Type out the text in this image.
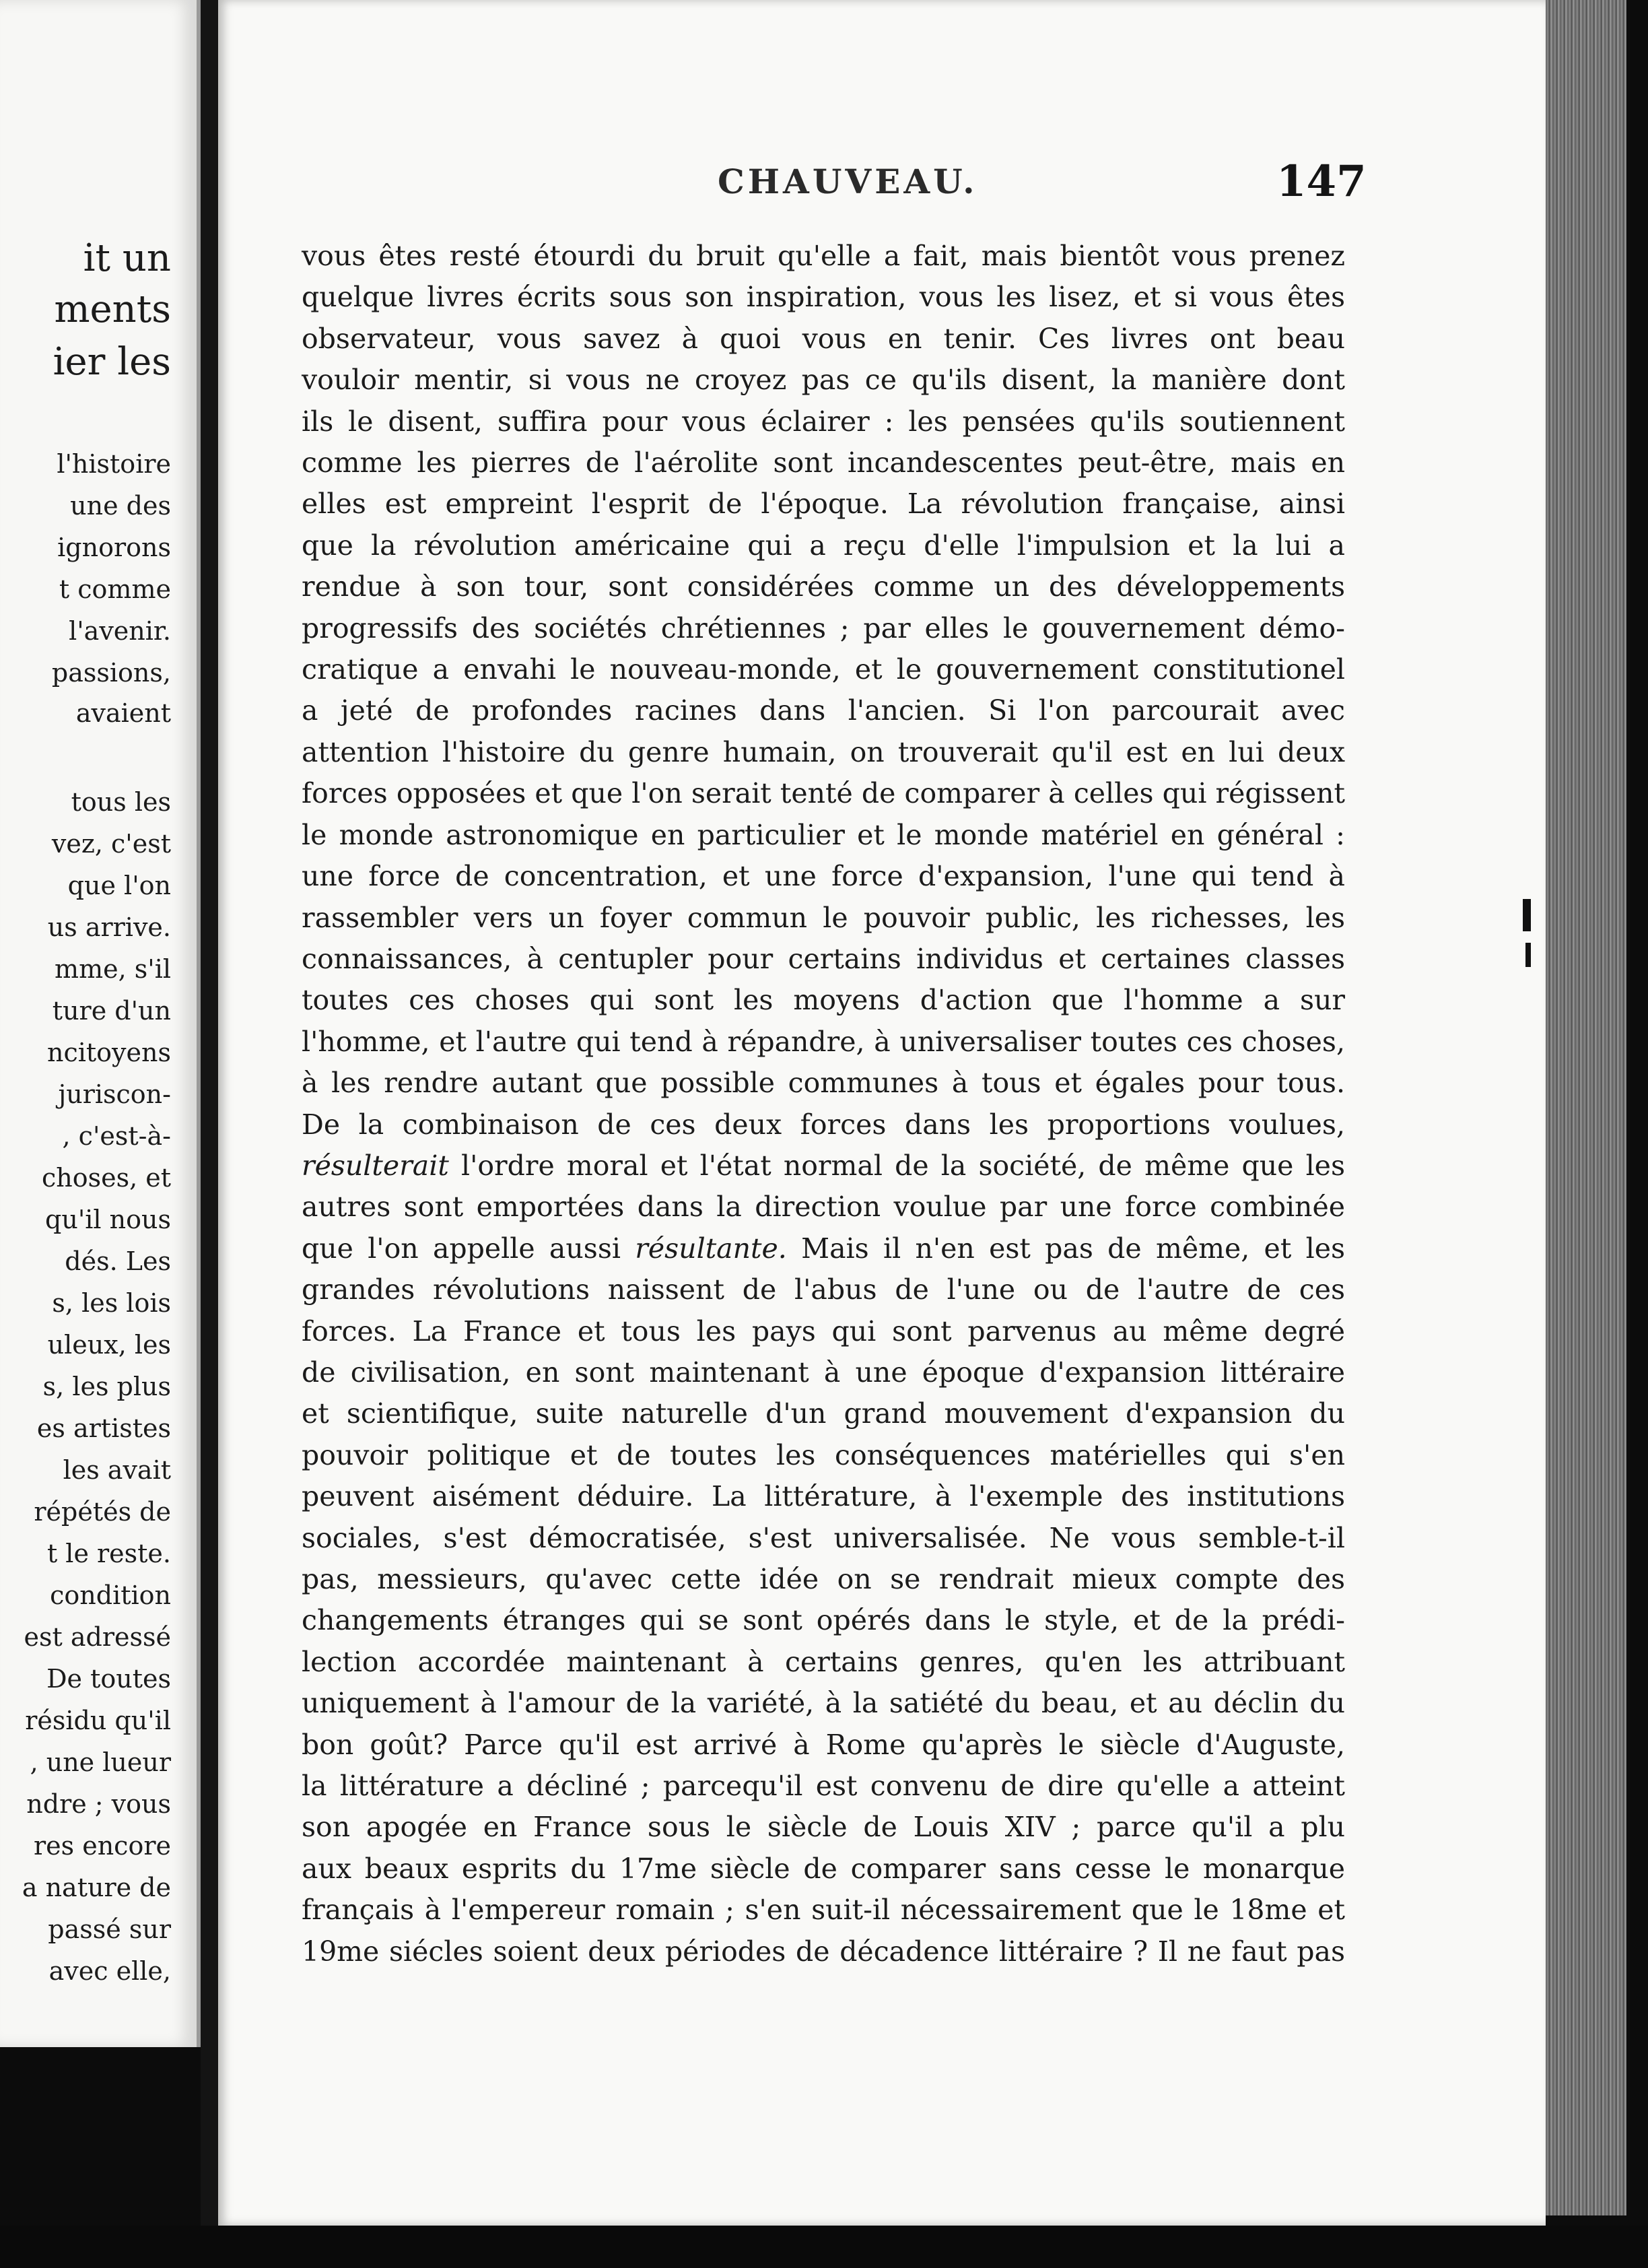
it un
ments
ier les
l'histoire
une des
ignorons
t comme
l'avenir.
passions,
avaient
tous les
vez, c'est
que l'on
us arrive.
mme, s'il
ture d'un
ncitoyens
juriscon-
, c'est-à-
choses, et
qu'il nous
dés. Les
s, les lois
uleux, les
s, les plus
es artistes
les avait
répétés de
t le reste.
condition
est adressé
De toutes
résidu qu'il
, une lueur
ndre ; vous
res encore
a nature de
passé sur
avec elle,
CHAUVEAU.	147
vous êtes resté étourdi du bruit qu'elle a fait, mais bientôt vous prenez
quelque livres écrits sous son inspiration, vous les lisez, et si vous êtes
observateur, vous savez à quoi vous en tenir. Ces livres ont beau
vouloir mentir, si vous ne croyez pas ce qu'ils disent, la manière dont
ils le disent, suffira pour vous éclairer : les pensées qu'ils soutiennent
comme les pierres de l'aérolite sont incandescentes peut-être, mais en
elles est empreint l'esprit de l'époque. La révolution française, ainsi
que la révolution américaine qui a reçu d'elle l'impulsion et la lui a
rendue à son tour, sont considérées comme un des développements
progressifs des sociétés chrétiennes ; par elles le gouvernement démo-
cratique a envahi le nouveau-monde, et le gouvernement constitutionel
a jeté de profondes racines dans l'ancien. Si l'on parcourait avec
attention l'histoire du genre humain, on trouverait qu'il est en lui deux
forces opposées et que l'on serait tenté de comparer à celles qui régissent
le monde astronomique en particulier et le monde matériel en général :
une force de concentration, et une force d'expansion, l'une qui tend à
rassembler vers un foyer commun le pouvoir public, les richesses, les
connaissances, à centupler pour certains individus et certaines classes
toutes ces choses qui sont les moyens d'action que l'homme a sur
l'homme, et l'autre qui tend à répandre, à universaliser toutes ces choses,
à les rendre autant que possible communes à tous et égales pour tous.
De la combinaison de ces deux forces dans les proportions voulues,
résulterait l'ordre moral et l'état normal de la société, de même que les
autres sont emportées dans la direction voulue par une force combinée
que l'on appelle aussi résultante. Mais il n'en est pas de même, et les
grandes révolutions naissent de l'abus de l'une ou de l'autre de ces
forces. La France et tous les pays qui sont parvenus au même degré
de civilisation, en sont maintenant à une époque d'expansion littéraire
et scientifique, suite naturelle d'un grand mouvement d'expansion du
pouvoir politique et de toutes les conséquences matérielles qui s'en
peuvent aisément déduire. La littérature, à l'exemple des institutions
sociales, s'est démocratisée, s'est universalisée. Ne vous semble-t-il
pas, messieurs, qu'avec cette idée on se rendrait mieux compte des
changements étranges qui se sont opérés dans le style, et de la prédi-
lection accordée maintenant à certains genres, qu'en les attribuant
uniquement à l'amour de la variété, à la satiété du beau, et au déclin du
bon goût? Parce qu'il est arrivé à Rome qu'après le siècle d'Auguste,
la littérature a décliné ; parcequ'il est convenu de dire qu'elle a atteint
son apogée en France sous le siècle de Louis XIV ; parce qu'il a plu
aux beaux esprits du 17me siècle de comparer sans cesse le monarque
français à l'empereur romain ; s'en suit-il nécessairement que le 18me et
19me siécles soient deux périodes de décadence littéraire ? Il ne faut pas
